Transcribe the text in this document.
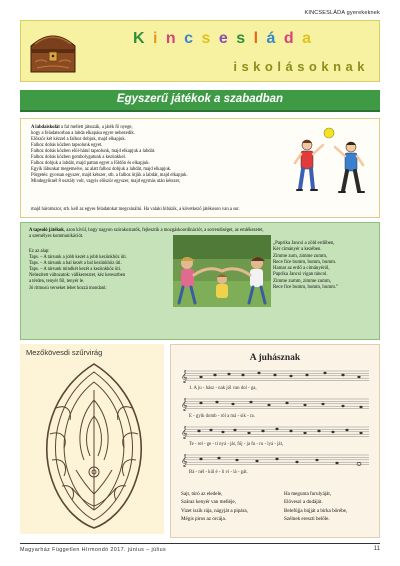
KINCSESLÁDA gyerekeknek
K i n c s e s l á d a
iskolásoknak
Egyszerű játékok a szabadban

A labdaiskolát a fal mellett játsszák, a játék fő nyege,

hogy a feladatsorban a labda elkapása egyre nehezedik.

Először két kézzel a falhoz dobjuk, majd elkapjuk.

Falhoz dobás közben tapsolunk egyet.

Falhoz dobás közben elöl-hátul tapsolunk, majd elkapjuk a labdát.

Falhoz dobás közben gombolygatunk a kezünkkel.

Falhoz dobjuk a labdát, majd pattan egyet a földön és elkapjuk.

Egyik lábunkat megemelve, az alatt falhoz dobjuk a labdát, majd elkapjuk.

Pörgetés: gyorsan egyszer, majd kétszer, stb. a falhoz ütjük a labdát, majd elkapjuk.

Mindegyiknél 8 osztály volt, vagyis először egyszer, majd egymás után kétszer,

majd háromszor, stb. kell az egyes feladatokat megcsinálni. Ha valaki hibázik, a következő játékoson van a sor.
A tapsoló játékok, azon kívül, hogy nagyon szórakoztatók, fejlesztik a mozgáskoordinációt, a sorrendiséget, az emlékezetet,
a személyes kommunikációt.

Ez az alap:

Taps. – A társunk a jobb kezét a jobb kezünkhöz üti.

Taps. – A társunk a bal kezét a bal kezünkhöz üti.

Taps. – A társunk mindkét kezét a kezünkhöz üti.

Nehezített változatok: vállkeresztet, kéz keresztben

a térden, tenyér föl, tenyér le.

Jó ritmusú verseket lehet hozzá mondani:

„Paprika Jancsi a zöld erdőben,

Kér cimányér a kezében.

Zimme zum, zimme zumm,

Rece fice bumm, bumm, bumm.

Hamar az erdő a cimányéröl,

Paprika Jancsi vígan táncol.

Zimme zumm, zimme zumm,

Rece fice bumm, bumm, bumm.”

Mezőkövesdi szűrvirág
A juhásznak
𝄞
𝄞
𝄞
𝄞
1. A ju - hász - nak jól van dol - ga,
E - gyik domb - ról a má - sik - ra.
Te - rel - ge - ti nyá - ját, fúj - ja fu - ru - lyá - ját,
Bá - nél - kül é - li vi - lá - gát.

Sajt, túró az eledele,

Száraz kenyér van melléje,

Vizet iszik rája, nágyját a pipára,

Mégis piros az orcája.

Ha meguntа furulyáját,

Elöveszi a dudáját.

Belefújja bújját a birka bőrébe,

Szélnek ereszti belőle.

Magyarház Független Hírmondó 2017. június – július	11
